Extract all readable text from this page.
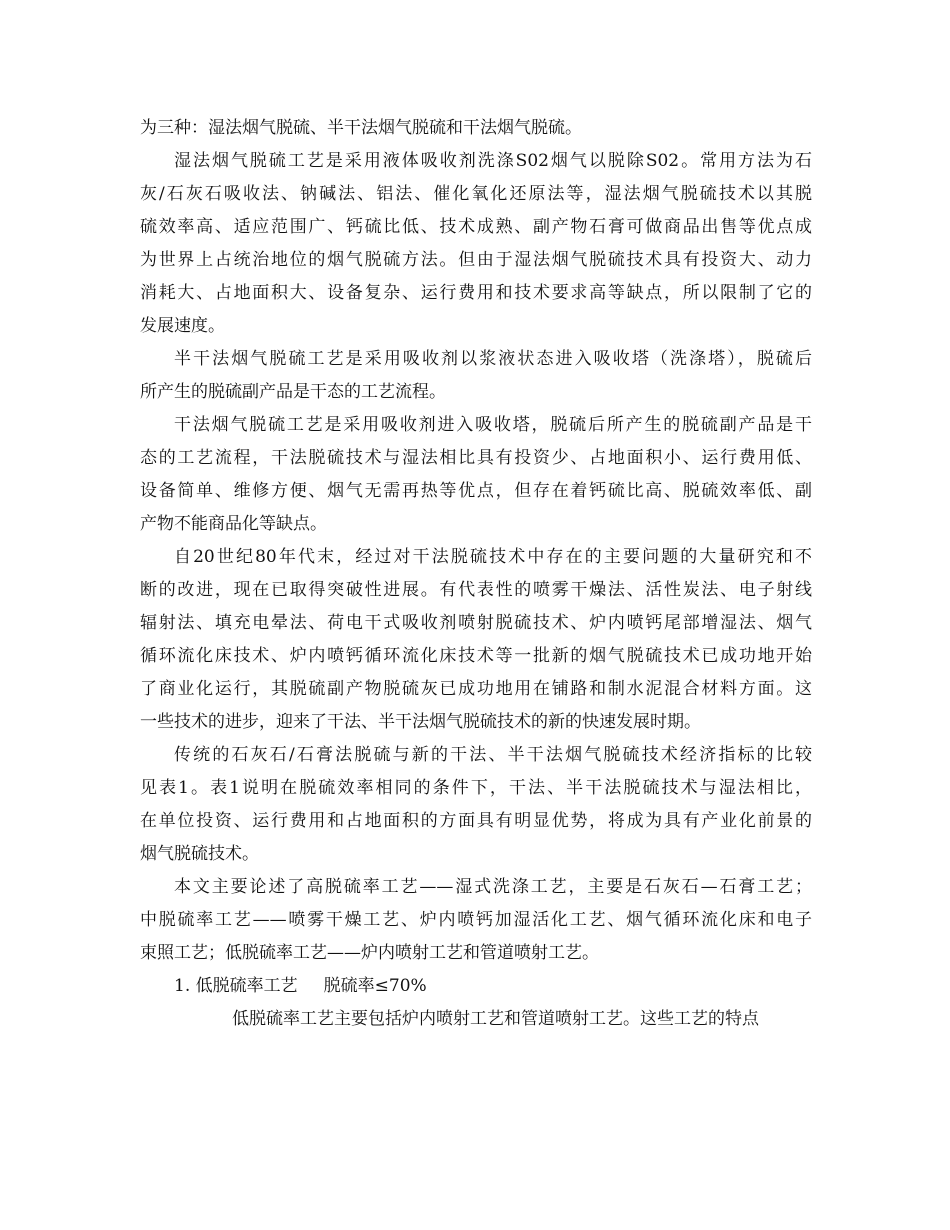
为三种：湿法烟气脱硫、半干法烟气脱硫和干法烟气脱硫。
湿法烟气脱硫工艺是采用液体吸收剂洗涤S02烟气以脱除S02。常用方法为石
灰/石灰石吸收法、钠碱法、铝法、催化氧化还原法等，湿法烟气脱硫技术以其脱
硫效率高、适应范围广、钙硫比低、技术成熟、副产物石膏可做商品出售等优点成
为世界上占统治地位的烟气脱硫方法。但由于湿法烟气脱硫技术具有投资大、动力
消耗大、占地面积大、设备复杂、运行费用和技术要求高等缺点，所以限制了它的
发展速度。
半干法烟气脱硫工艺是采用吸收剂以浆液状态进入吸收塔（洗涤塔），脱硫后
所产生的脱硫副产品是干态的工艺流程。
干法烟气脱硫工艺是采用吸收剂进入吸收塔，脱硫后所产生的脱硫副产品是干
态的工艺流程，干法脱硫技术与湿法相比具有投资少、占地面积小、运行费用低、
设备简单、维修方便、烟气无需再热等优点，但存在着钙硫比高、脱硫效率低、副
产物不能商品化等缺点。
自20世纪80年代末，经过对干法脱硫技术中存在的主要问题的大量研究和不
断的改进，现在已取得突破性进展。有代表性的喷雾干燥法、活性炭法、电子射线
辐射法、填充电晕法、荷电干式吸收剂喷射脱硫技术、炉内喷钙尾部增湿法、烟气
循环流化床技术、炉内喷钙循环流化床技术等一批新的烟气脱硫技术已成功地开始
了商业化运行，其脱硫副产物脱硫灰已成功地用在铺路和制水泥混合材料方面。这
一些技术的进步，迎来了干法、半干法烟气脱硫技术的新的快速发展时期。
传统的石灰石/石膏法脱硫与新的干法、半干法烟气脱硫技术经济指标的比较
见表1。表1说明在脱硫效率相同的条件下，干法、半干法脱硫技术与湿法相比，
在单位投资、运行费用和占地面积的方面具有明显优势，将成为具有产业化前景的
烟气脱硫技术。
本文主要论述了高脱硫率工艺——湿式洗涤工艺，主要是石灰石—石膏工艺；
中脱硫率工艺——喷雾干燥工艺、炉内喷钙加湿活化工艺、烟气循环流化床和电子
束照工艺；低脱硫率工艺——炉内喷射工艺和管道喷射工艺。
1. 低脱硫率工艺 脱硫率≤70%
低脱硫率工艺主要包括炉内喷射工艺和管道喷射工艺。这些工艺的特点
